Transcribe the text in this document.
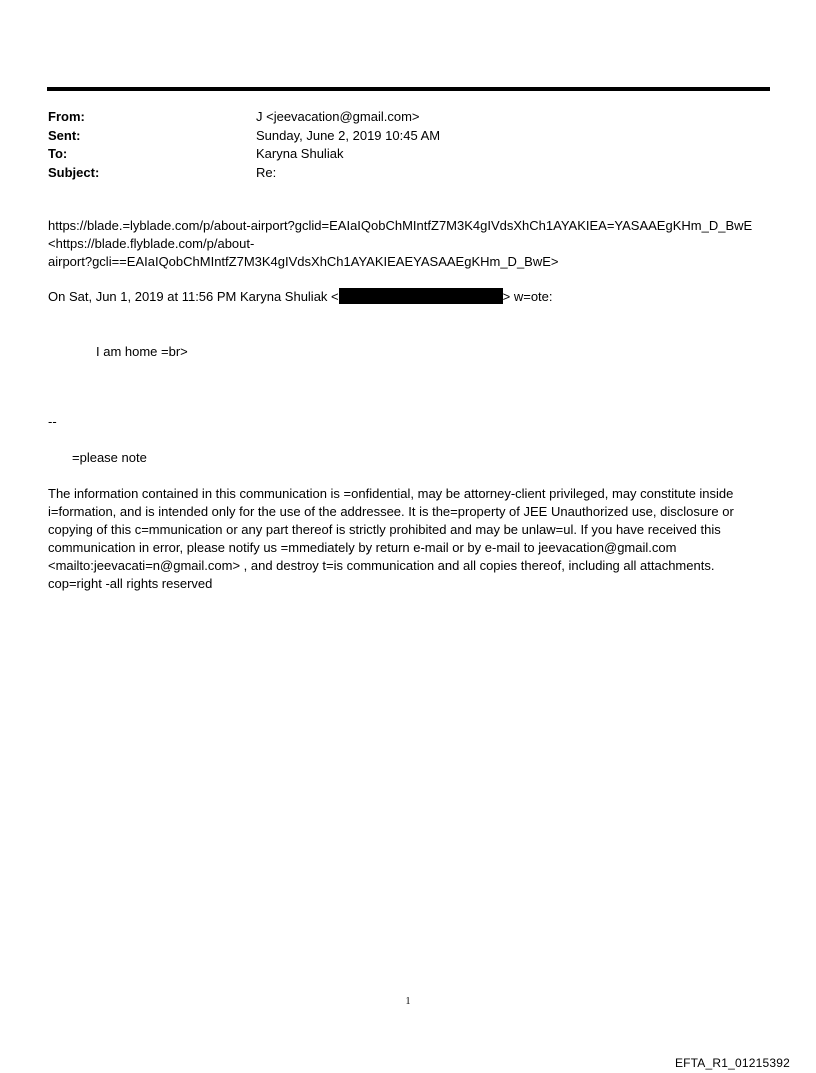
From:	J <jeevacation@gmail.com>
Sent:	Sunday, June 2, 2019 10:45 AM
To:	Karyna Shuliak
Subject:	Re:
https://blade.=lyblade.com/p/about-airport?gclid=EAIaIQobChMIntfZ7M3K4gIVdsXhCh1AYAKIEA=YASAAEgKHm_D_BwE
<https://blade.flyblade.com/p/about-
airport?gcli==EAIaIQobChMIntfZ7M3K4gIVdsXhCh1AYAKIEAEYASAAEgKHm_D_BwE>
On Sat, Jun 1, 2019 at 11:56 PM Karyna Shuliak <	> w=ote:
I am home =br>
--
=please note
The information contained in this communication is =onfidential, may be attorney-client privileged, may constitute inside i=formation, and is intended only for the use of the addressee. It is the=property of JEE Unauthorized use, disclosure or copying of this c=mmunication or any part thereof is strictly prohibited and may be unlaw=ul. If you have received this communication in error, please notify us =mmediately by return e-mail or by e-mail to jeevacation@gmail.com <mailto:jeevacati=n@gmail.com> , and destroy t=is communication and all copies thereof, including all attachments. cop=right -all rights reserved
1
EFTA_R1_01215392
